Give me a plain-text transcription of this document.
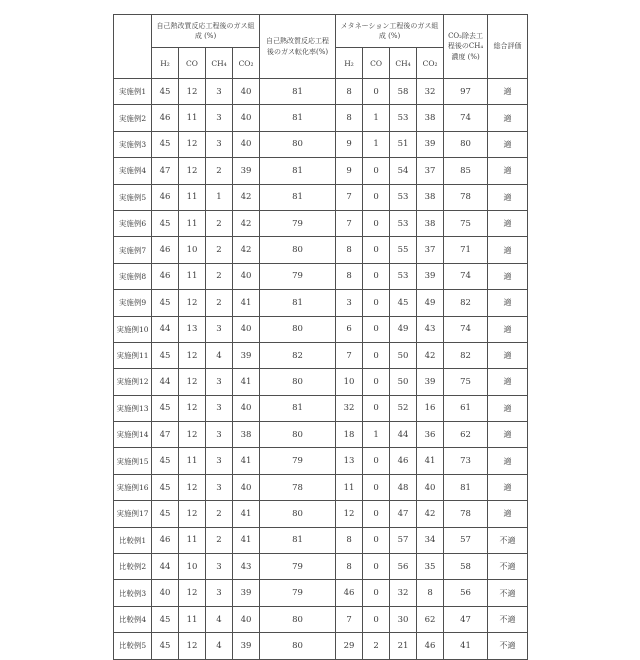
	自己熱改質反応工程後のガス組成 (%)				自己熱改質反応工程後のガス転化率(%)	メタネーション工程後のガス組成 (%)				CO₂除去工程後のCH₄濃度 (%)	総合評価
	H₂	CO	CH₄	CO₂		H₂	CO	CH₄	CO₂		
実施例1	45	12	3	40	81	8	0	58	32	97	適
実施例2	46	11	3	40	81	8	1	53	38	74	適
実施例3	45	12	3	40	80	9	1	51	39	80	適
実施例4	47	12	2	39	81	9	0	54	37	85	適
実施例5	46	11	1	42	81	7	0	53	38	78	適
実施例6	45	11	2	42	79	7	0	53	38	75	適
実施例7	46	10	2	42	80	8	0	55	37	71	適
実施例8	46	11	2	40	79	8	0	53	39	74	適
実施例9	45	12	2	41	81	3	0	45	49	82	適
実施例10	44	13	3	40	80	6	0	49	43	74	適
実施例11	45	12	4	39	82	7	0	50	42	82	適
実施例12	44	12	3	41	80	10	0	50	39	75	適
実施例13	45	12	3	40	81	32	0	52	16	61	適
実施例14	47	12	3	38	80	18	1	44	36	62	適
実施例15	45	11	3	41	79	13	0	46	41	73	適
実施例16	45	12	3	40	78	11	0	48	40	81	適
実施例17	45	12	2	41	80	12	0	47	42	78	適
比較例1	46	11	2	41	81	8	0	57	34	57	不適
比較例2	44	10	3	43	79	8	0	56	35	58	不適
比較例3	40	12	3	39	79	46	0	32	8	56	不適
比較例4	45	11	4	40	80	7	0	30	62	47	不適
比較例5	45	12	4	39	80	29	2	21	46	41	不適
